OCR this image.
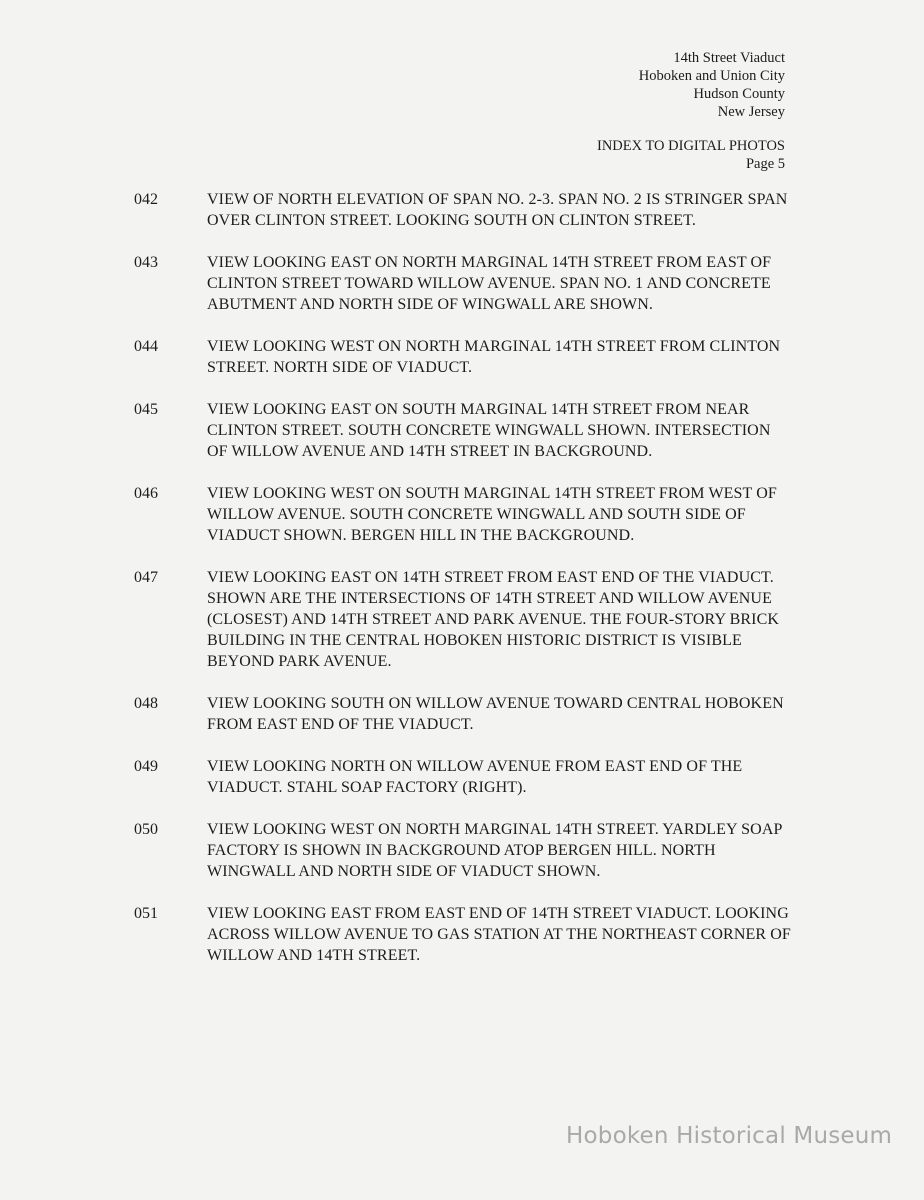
14th Street Viaduct
Hoboken and Union City
Hudson County
New Jersey
INDEX TO DIGITAL PHOTOS
Page 5
042	VIEW OF NORTH ELEVATION OF SPAN NO. 2-3. SPAN NO. 2 IS STRINGER SPAN OVER CLINTON STREET. LOOKING SOUTH ON CLINTON STREET.
043	VIEW LOOKING EAST ON NORTH MARGINAL 14TH STREET FROM EAST OF CLINTON STREET TOWARD WILLOW AVENUE. SPAN NO. 1 AND CONCRETE ABUTMENT AND NORTH SIDE OF WINGWALL ARE SHOWN.
044	VIEW LOOKING WEST ON NORTH MARGINAL 14TH STREET FROM CLINTON STREET. NORTH SIDE OF VIADUCT.
045	VIEW LOOKING EAST ON SOUTH MARGINAL 14TH STREET FROM NEAR CLINTON STREET. SOUTH CONCRETE WINGWALL SHOWN. INTERSECTION OF WILLOW AVENUE AND 14TH STREET IN BACKGROUND.
046	VIEW LOOKING WEST ON SOUTH MARGINAL 14TH STREET FROM WEST OF WILLOW AVENUE. SOUTH CONCRETE WINGWALL AND SOUTH SIDE OF VIADUCT SHOWN. BERGEN HILL IN THE BACKGROUND.
047	VIEW LOOKING EAST ON 14TH STREET FROM EAST END OF THE VIADUCT. SHOWN ARE THE INTERSECTIONS OF 14TH STREET AND WILLOW AVENUE (CLOSEST) AND 14TH STREET AND PARK AVENUE. THE FOUR-STORY BRICK BUILDING IN THE CENTRAL HOBOKEN HISTORIC DISTRICT IS VISIBLE BEYOND PARK AVENUE.
048	VIEW LOOKING SOUTH ON WILLOW AVENUE TOWARD CENTRAL HOBOKEN FROM EAST END OF THE VIADUCT.
049	VIEW LOOKING NORTH ON WILLOW AVENUE FROM EAST END OF THE VIADUCT. STAHL SOAP FACTORY (RIGHT).
050	VIEW LOOKING WEST ON NORTH MARGINAL 14TH STREET. YARDLEY SOAP FACTORY IS SHOWN IN BACKGROUND ATOP BERGEN HILL. NORTH WINGWALL AND NORTH SIDE OF VIADUCT SHOWN.
051	VIEW LOOKING EAST FROM EAST END OF 14TH STREET VIADUCT. LOOKING ACROSS WILLOW AVENUE TO GAS STATION AT THE NORTHEAST CORNER OF WILLOW AND 14TH STREET.
Hoboken Historical Museum
